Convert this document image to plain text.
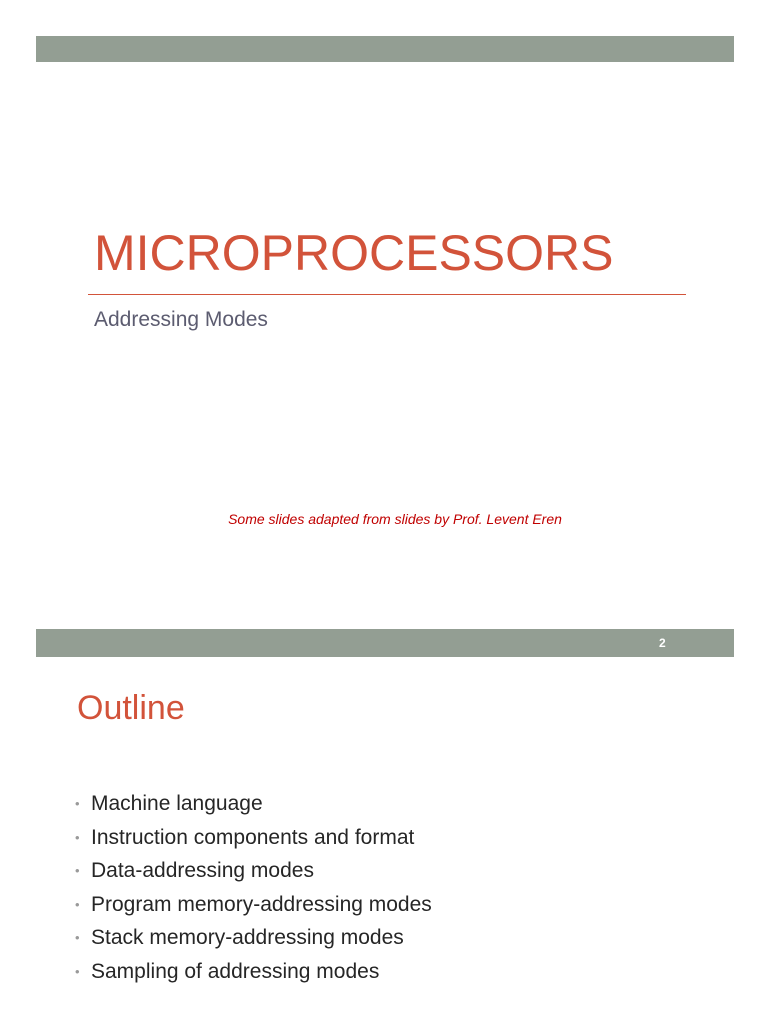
MICROPROCESSORS
Addressing Modes
Some slides adapted from slides by Prof. Levent Eren
2
Outline
• Machine language
• Instruction components and format
• Data-addressing modes
• Program memory-addressing modes
• Stack memory-addressing modes
• Sampling of addressing modes
